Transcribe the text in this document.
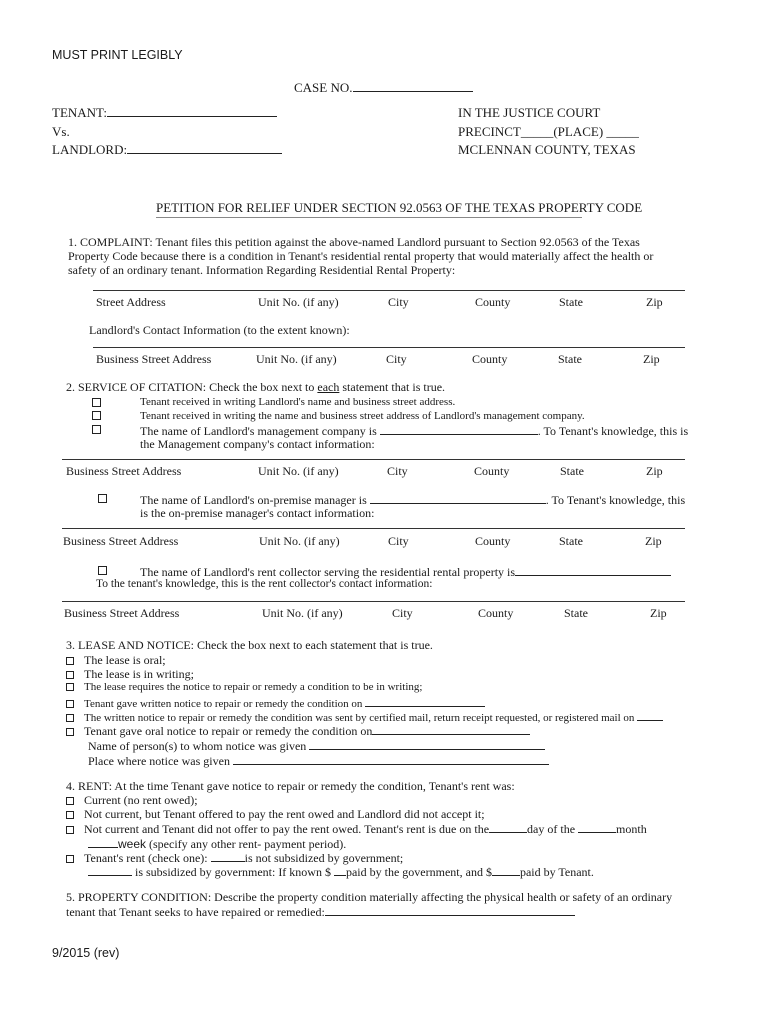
MUST PRINT LEGIBLY
CASE NO.
TENANT:
Vs.
LANDLORD:
IN THE JUSTICE COURT
PRECINCT_____(PLACE) _____
MCLENNAN COUNTY, TEXAS
PETITION FOR RELIEF UNDER SECTION 92.0563 OF THE TEXAS PROPERTY CODE
1. COMPLAINT: Tenant files this petition against the above-named Landlord pursuant to Section 92.0563 of the Texas
Property Code because there is a condition in Tenant's residential rental property that would materially affect the health or
safety of an ordinary tenant. Information Regarding Residential Rental Property:
Street Address	Unit No. (if any)	City	County	State	Zip
Landlord's Contact Information (to the extent known):
Business Street Address	Unit No. (if any)	City	County	State	Zip
2. SERVICE OF CITATION: Check the box next to each statement that is true.
Tenant received in writing Landlord's name and business street address.
Tenant received in writing the name and business street address of Landlord's management company.
The name of Landlord's management company is	. To Tenant's knowledge, this is
the Management company's contact information:
Business Street Address	Unit No. (if any)	City	County	State	Zip
The name of Landlord's on-premise manager is	. To Tenant's knowledge, this
is the on-premise manager's contact information:
Business Street Address	Unit No. (if any)	City	County	State	Zip
The name of Landlord's rent collector serving the residential rental property is
To the tenant's knowledge, this is the rent collector's contact information:
Business Street Address	Unit No. (if any)	City	County	State	Zip
3. LEASE AND NOTICE: Check the box next to each statement that is true.
The lease is oral;
The lease is in writing;
The lease requires the notice to repair or remedy a condition to be in writing;
Tenant gave written notice to repair or remedy the condition on
The written notice to repair or remedy the condition was sent by certified mail, return receipt requested, or registered mail on
Tenant gave oral notice to repair or remedy the condition on
Name of person(s) to whom notice was given
Place where notice was given
4. RENT: At the time Tenant gave notice to repair or remedy the condition, Tenant's rent was:
Current (no rent owed);
Not current, but Tenant offered to pay the rent owed and Landlord did not accept it;
Not current and Tenant did not offer to pay the rent owed. Tenant's rent is due on the	day of the	month
week (specify any other rent- payment period).
Tenant's rent (check one):	is not subsidized by government;
is subsidized by government: If known $ paid by the government, and $ paid by Tenant.
5. PROPERTY CONDITION: Describe the property condition materially affecting the physical health or safety of an ordinary
tenant that Tenant seeks to have repaired or remedied:
9/2015 (rev)
